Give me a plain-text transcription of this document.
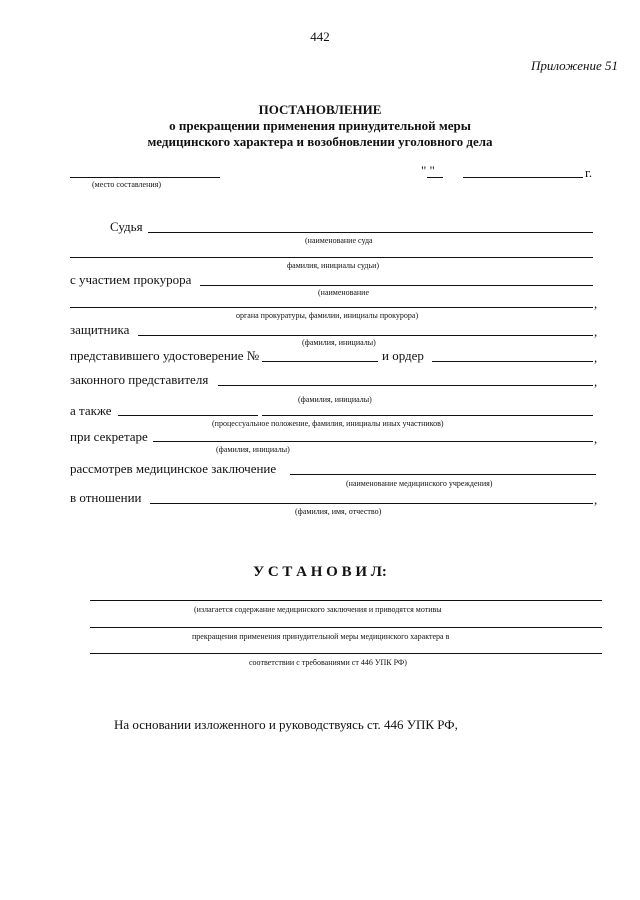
442
Приложение 51
ПОСТАНОВЛЕНИЕ
о прекращении применения принудительной меры
медицинского характера и возобновлении уголовного дела
(место составления)
" "	г.
Судья
(наименование суда
фамилия, инициалы судьи)
с участием прокурора
(наименование
,
органа прокуратуры, фамилии, инициалы прокурора)
защитника	,
(фамилия, инициалы)
представившего удостоверение №	и ордер	,
законного представителя	,
(фамилия, инициалы)
а также
(процессуальное положение, фамилия, инициалы иных участников)
при секретаре	,
(фамилия, инициалы)
рассмотрев медицинское заключение
(наименование медицинского учреждения)
в отношении	,
(фамилия, имя, отчество)
У С Т А Н О В И Л:
(излагается содержание медицинского заключения и приводятся мотивы
прекращения применения принудительной меры медицинского характера в
соответствии с требованиями ст 446 УПК РФ)
На основании изложенного и руководствуясь ст. 446 УПК РФ,
